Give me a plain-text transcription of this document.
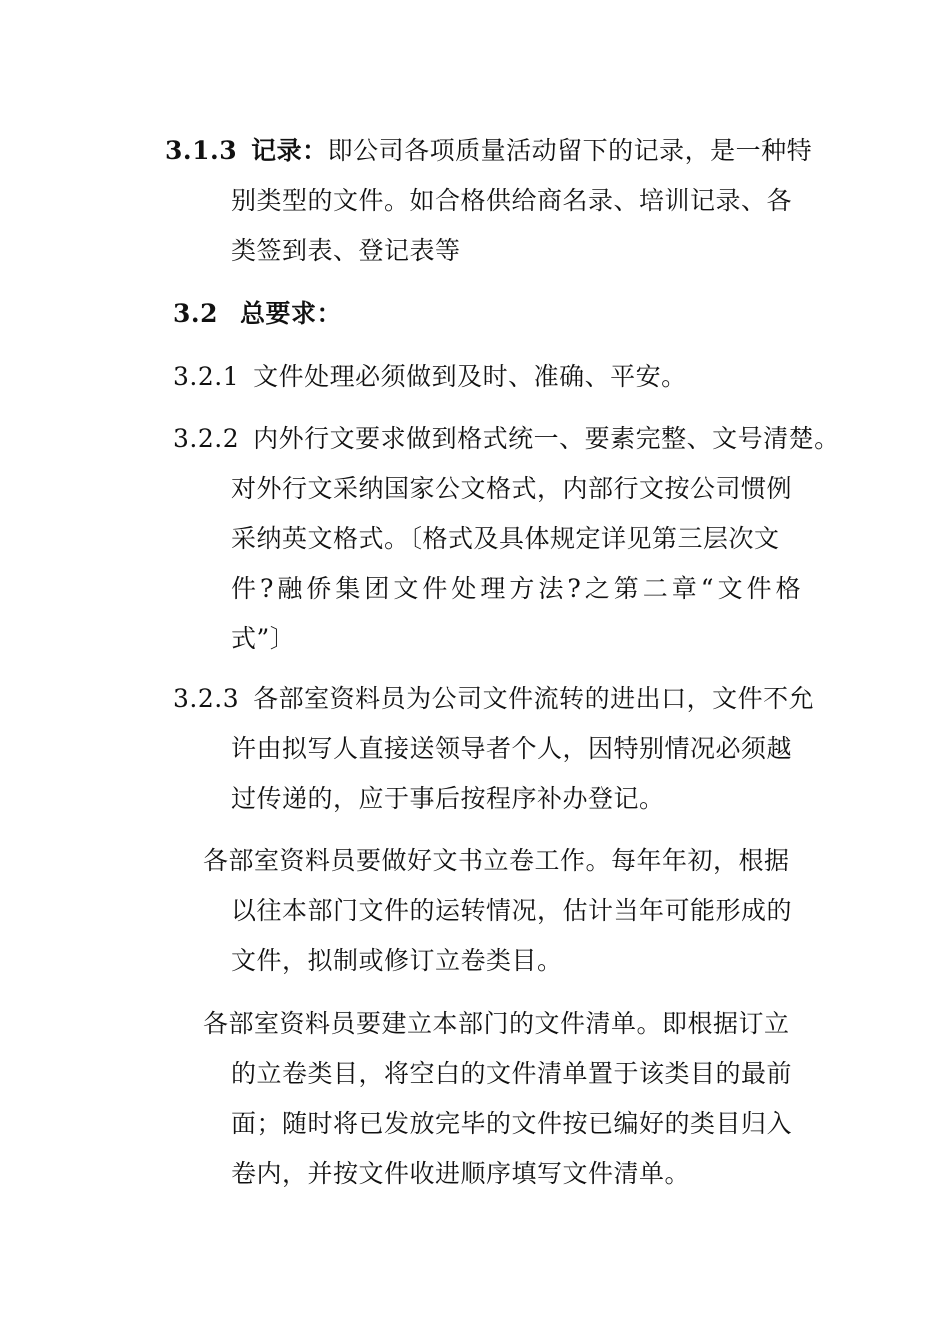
3.1.3 记录：即公司各项质量活动留下的记录，是一种特
别类型的文件。如合格供给商名录、培训记录、各
类签到表、登记表等
3.2 总要求：
3.2.1 文件处理必须做到及时、准确、平安。
3.2.2 内外行文要求做到格式统一、要素完整、文号清楚。
对外行文采纳国家公文格式，内部行文按公司惯例
采纳英文格式。〔格式及具体规定详见第三层次文
件?融侨集团文件处理方法?之第二章“文件格
式”〕
3.2.3 各部室资料员为公司文件流转的进出口，文件不允
许由拟写人直接送领导者个人，因特别情况必须越
过传递的，应于事后按程序补办登记。
各部室资料员要做好文书立卷工作。每年年初，根据
以往本部门文件的运转情况，估计当年可能形成的
文件，拟制或修订立卷类目。
各部室资料员要建立本部门的文件清单。即根据订立
的立卷类目，将空白的文件清单置于该类目的最前
面；随时将已发放完毕的文件按已编好的类目归入
卷内，并按文件收进顺序填写文件清单。
